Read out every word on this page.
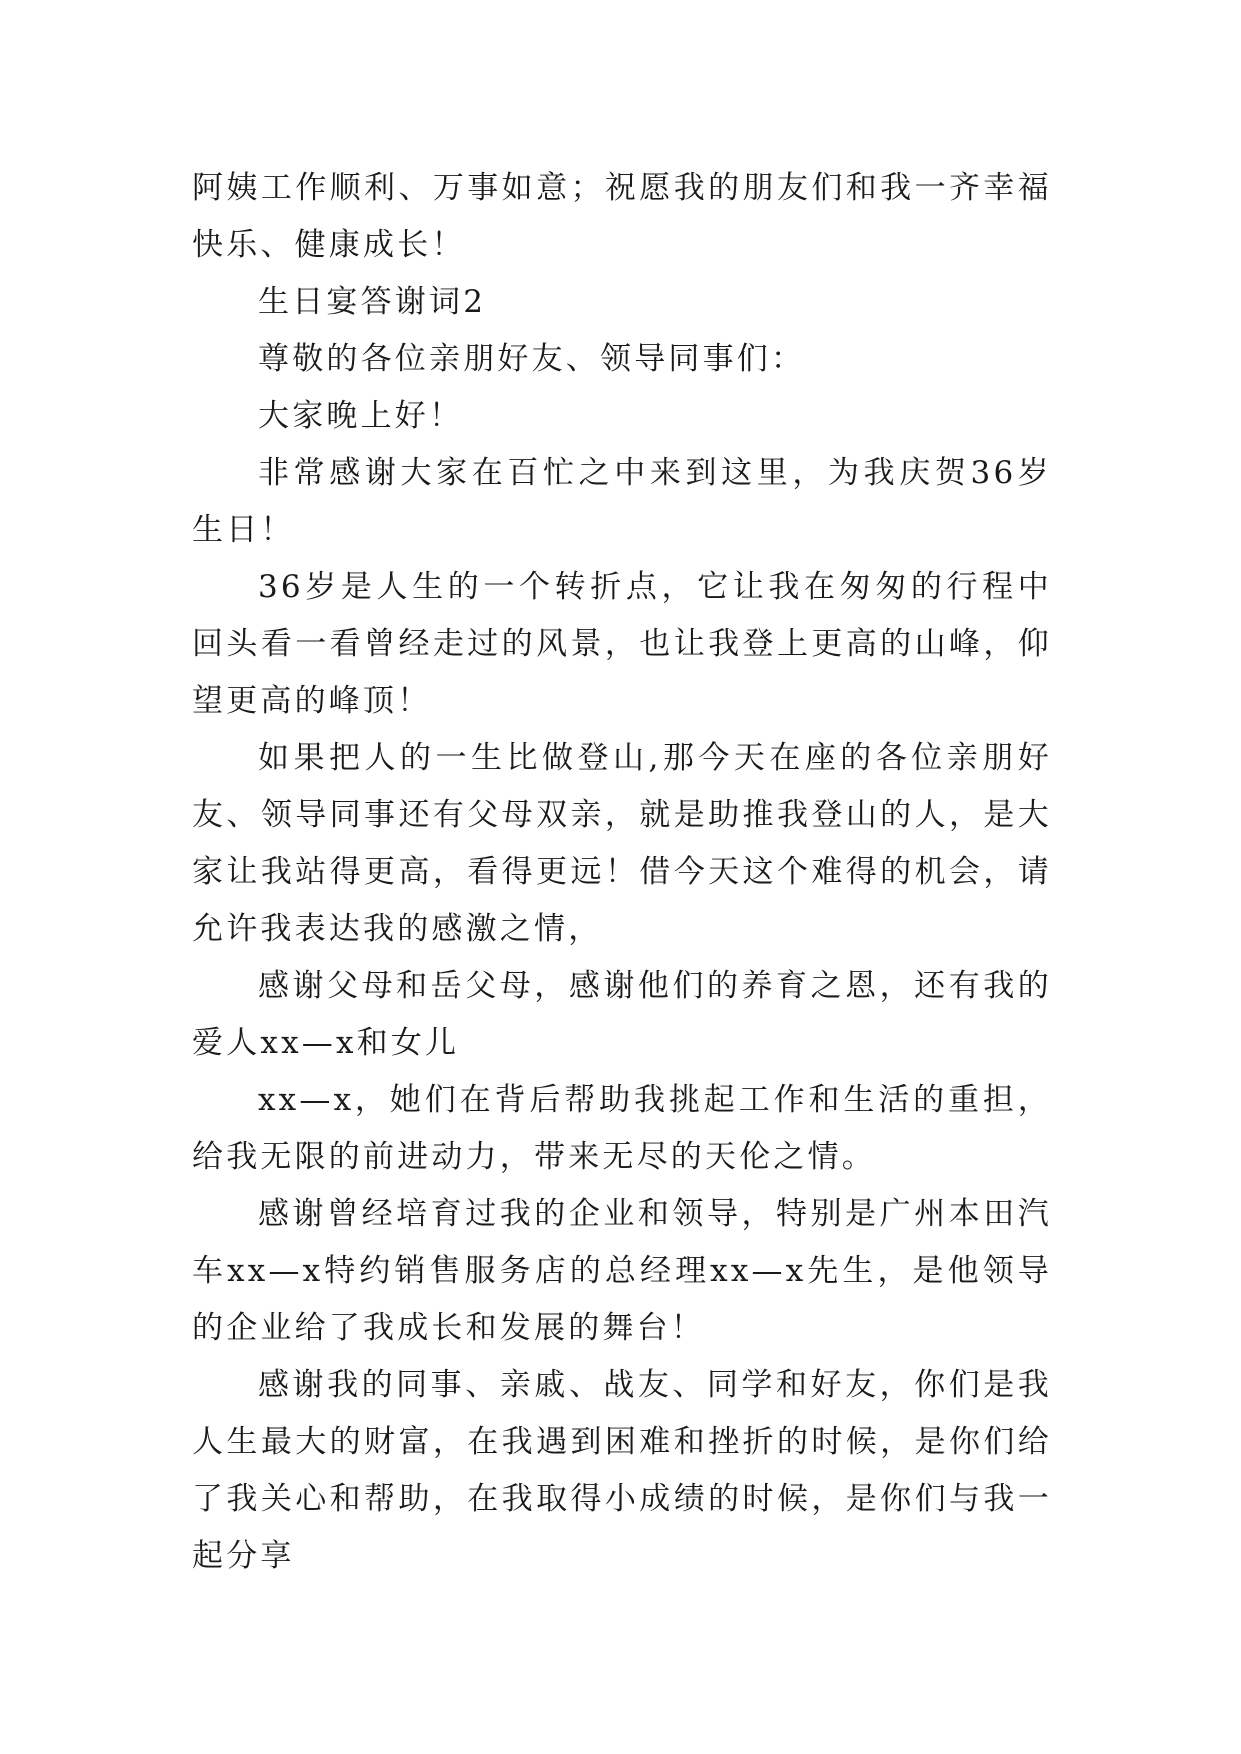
阿姨工作顺利、万事如意；祝愿我的朋友们和我一齐幸福快乐、健康成长！

生日宴答谢词2

尊敬的各位亲朋好友、领导同事们：

大家晚上好！

非常感谢大家在百忙之中来到这里，为我庆贺36岁生日！

36岁是人生的一个转折点，它让我在匆匆的行程中回头看一看曾经走过的风景，也让我登上更高的山峰，仰望更高的峰顶！

如果把人的一生比做登山,那今天在座的各位亲朋好友、领导同事还有父母双亲，就是助推我登山的人，是大家让我站得更高，看得更远！借今天这个难得的机会，请允许我表达我的感激之情，

感谢父母和岳父母，感谢他们的养育之恩，还有我的爱人xx—x和女儿

xx—x，她们在背后帮助我挑起工作和生活的重担，给我无限的前进动力，带来无尽的天伦之情。

感谢曾经培育过我的企业和领导，特别是广州本田汽车xx—x特约销售服务店的总经理xx—x先生，是他领导的企业给了我成长和发展的舞台！

感谢我的同事、亲戚、战友、同学和好友，你们是我人生最大的财富，在我遇到困难和挫折的时候，是你们给了我关心和帮助，在我取得小成绩的时候，是你们与我一起分享
